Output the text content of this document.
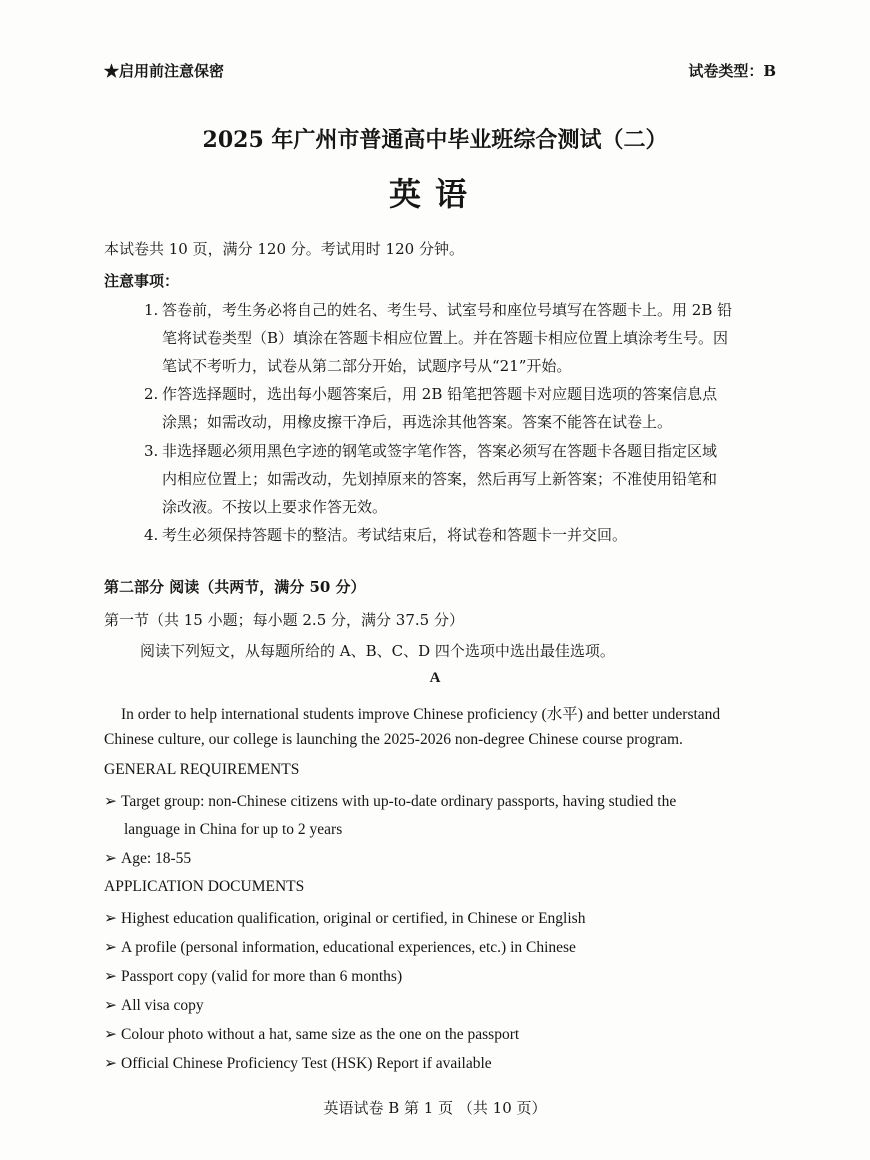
★启用前注意保密	试卷类型：B
2025 年广州市普通高中毕业班综合测试（二）
英语
本试卷共 10 页，满分 120 分。考试用时 120 分钟。
注意事项：
1. 答卷前，考生务必将自己的姓名、考生号、试室号和座位号填写在答题卡上。用 2B 铅
笔将试卷类型（B）填涂在答题卡相应位置上。并在答题卡相应位置上填涂考生号。因
笔试不考听力，试卷从第二部分开始，试题序号从“21”开始。
2. 作答选择题时，选出每小题答案后，用 2B 铅笔把答题卡对应题目选项的答案信息点
涂黑；如需改动，用橡皮擦干净后，再选涂其他答案。答案不能答在试卷上。
3. 非选择题必须用黑色字迹的钢笔或签字笔作答，答案必须写在答题卡各题目指定区域
内相应位置上；如需改动，先划掉原来的答案，然后再写上新答案；不准使用铅笔和
涂改液。不按以上要求作答无效。
4. 考生必须保持答题卡的整洁。考试结束后，将试卷和答题卡一并交回。
第二部分 阅读（共两节，满分 50 分）
第一节（共 15 小题；每小题 2.5 分，满分 37.5 分）
阅读下列短文，从每题所给的 A、B、C、D 四个选项中选出最佳选项。
A
In order to help international students improve Chinese proficiency (水平) and better understand
Chinese culture, our college is launching the 2025-2026 non-degree Chinese course program.
GENERAL REQUIREMENTS
➢ Target group: non-Chinese citizens with up-to-date ordinary passports, having studied the
language in China for up to 2 years
➢ Age: 18-55
APPLICATION DOCUMENTS
➢ Highest education qualification, original or certified, in Chinese or English
➢ A profile (personal information, educational experiences, etc.) in Chinese
➢ Passport copy (valid for more than 6 months)
➢ All visa copy
➢ Colour photo without a hat, same size as the one on the passport
➢ Official Chinese Proficiency Test (HSK) Report if available
英语试卷 B 第 1 页 （共 10 页）
